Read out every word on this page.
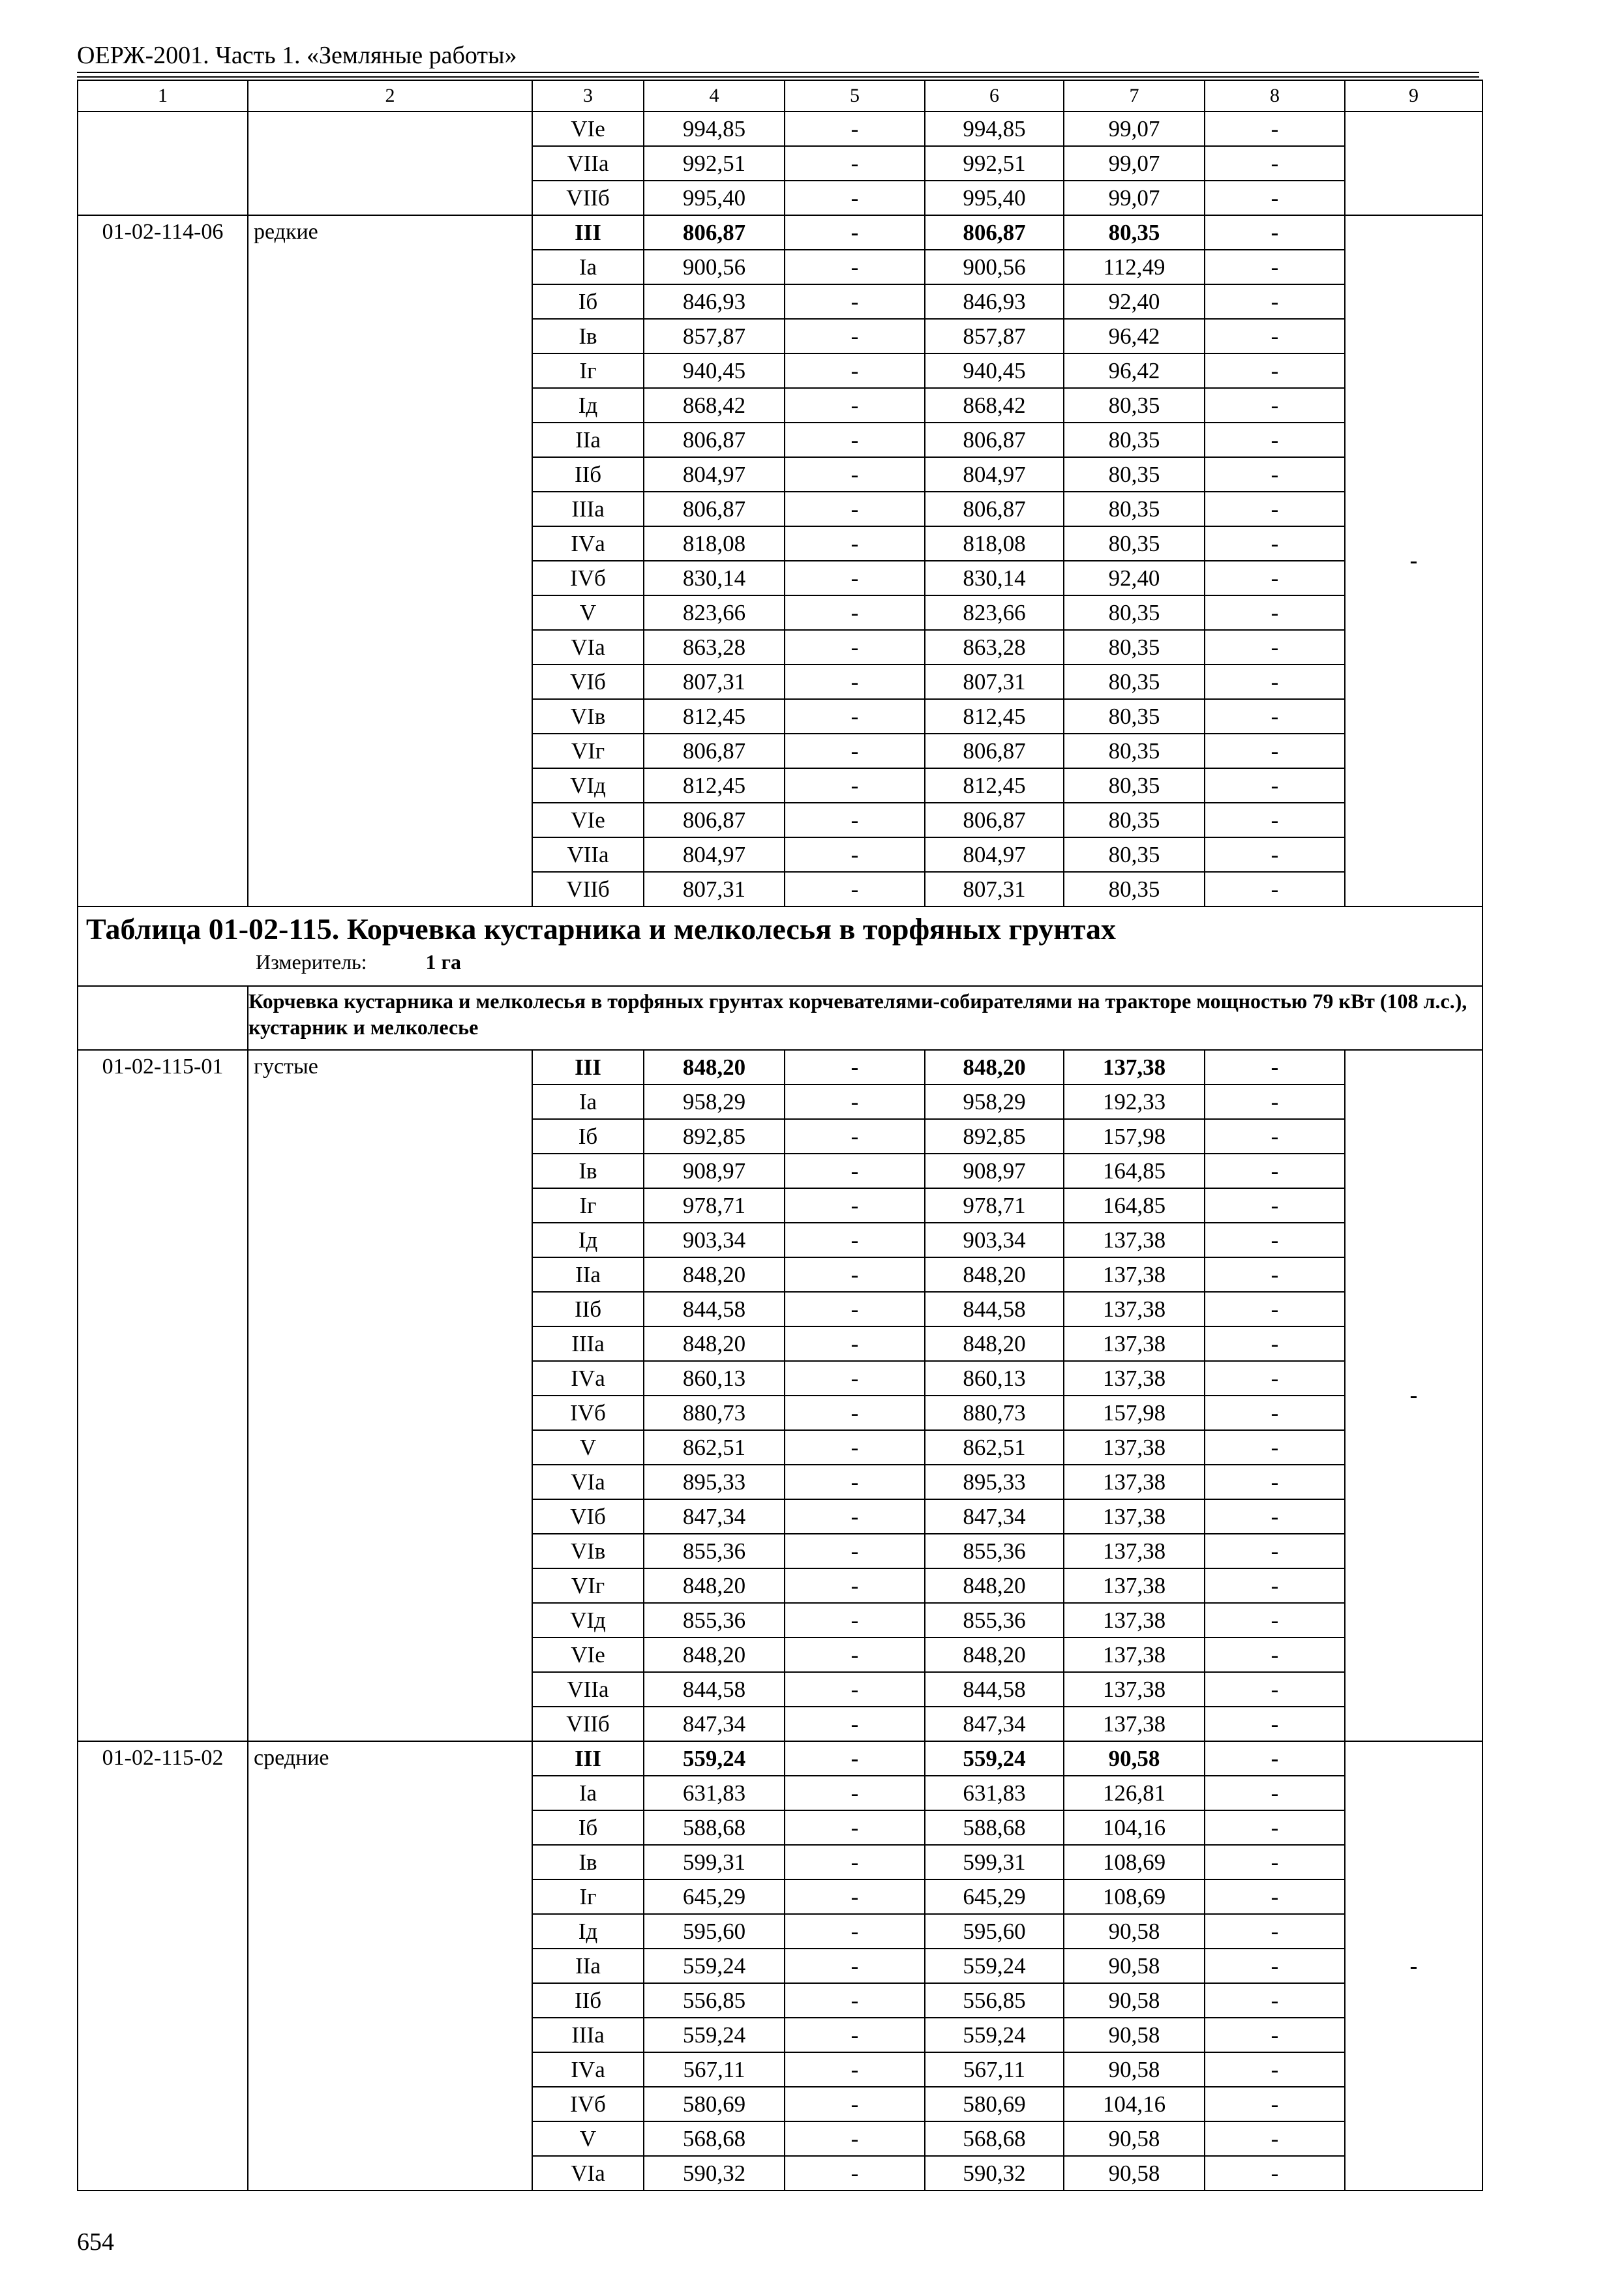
ОЕРЖ-2001. Часть 1. «Земляные работы»
1	2	3	4	5	6	7	8	9
		VIе	994,85	-	994,85	99,07	-	
		VIIа	992,51	-	992,51	99,07	-	
		VIIб	995,40	-	995,40	99,07	-	
01-02-114-06	редкие	III	806,87	-	806,87	80,35	-	-
		Iа	900,56	-	900,56	112,49	-	
		Iб	846,93	-	846,93	92,40	-	
		Iв	857,87	-	857,87	96,42	-	
		Iг	940,45	-	940,45	96,42	-	
		Iд	868,42	-	868,42	80,35	-	
		IIа	806,87	-	806,87	80,35	-	
		IIб	804,97	-	804,97	80,35	-	
		IIIа	806,87	-	806,87	80,35	-	
		IVа	818,08	-	818,08	80,35	-	
		IVб	830,14	-	830,14	92,40	-	
		V	823,66	-	823,66	80,35	-	
		VIа	863,28	-	863,28	80,35	-	
		VIб	807,31	-	807,31	80,35	-	
		VIв	812,45	-	812,45	80,35	-	
		VIг	806,87	-	806,87	80,35	-	
		VIд	812,45	-	812,45	80,35	-	
		VIе	806,87	-	806,87	80,35	-	
		VIIа	804,97	-	804,97	80,35	-	
		VIIб	807,31	-	807,31	80,35	-	

Таблица 01-02-115. Корчевка кустарника и мелколесья в торфяных грунтах
Измеритель: 1 га								

	Корчевка кустарника и мелколесья в торфяных грунтах корчевателями-собирателями на тракторе мощностью 79 кВт (108 л.с.), кустарник и мелколесье							
01-02-115-01	густые	III	848,20	-	848,20	137,38	-	-
		Iа	958,29	-	958,29	192,33	-	
		Iб	892,85	-	892,85	157,98	-	
		Iв	908,97	-	908,97	164,85	-	
		Iг	978,71	-	978,71	164,85	-	
		Iд	903,34	-	903,34	137,38	-	
		IIа	848,20	-	848,20	137,38	-	
		IIб	844,58	-	844,58	137,38	-	
		IIIа	848,20	-	848,20	137,38	-	
		IVа	860,13	-	860,13	137,38	-	
		IVб	880,73	-	880,73	157,98	-	
		V	862,51	-	862,51	137,38	-	
		VIа	895,33	-	895,33	137,38	-	
		VIб	847,34	-	847,34	137,38	-	
		VIв	855,36	-	855,36	137,38	-	
		VIг	848,20	-	848,20	137,38	-	
		VIд	855,36	-	855,36	137,38	-	
		VIе	848,20	-	848,20	137,38	-	
		VIIа	844,58	-	844,58	137,38	-	
		VIIб	847,34	-	847,34	137,38	-	
01-02-115-02	средние	III	559,24	-	559,24	90,58	-	-
		Iа	631,83	-	631,83	126,81	-	
		Iб	588,68	-	588,68	104,16	-	
		Iв	599,31	-	599,31	108,69	-	
		Iг	645,29	-	645,29	108,69	-	
		Iд	595,60	-	595,60	90,58	-	
		IIа	559,24	-	559,24	90,58	-	
		IIб	556,85	-	556,85	90,58	-	
		IIIа	559,24	-	559,24	90,58	-	
		IVа	567,11	-	567,11	90,58	-	
		IVб	580,69	-	580,69	104,16	-	
		V	568,68	-	568,68	90,58	-	
		VIа	590,32	-	590,32	90,58	-	
654
